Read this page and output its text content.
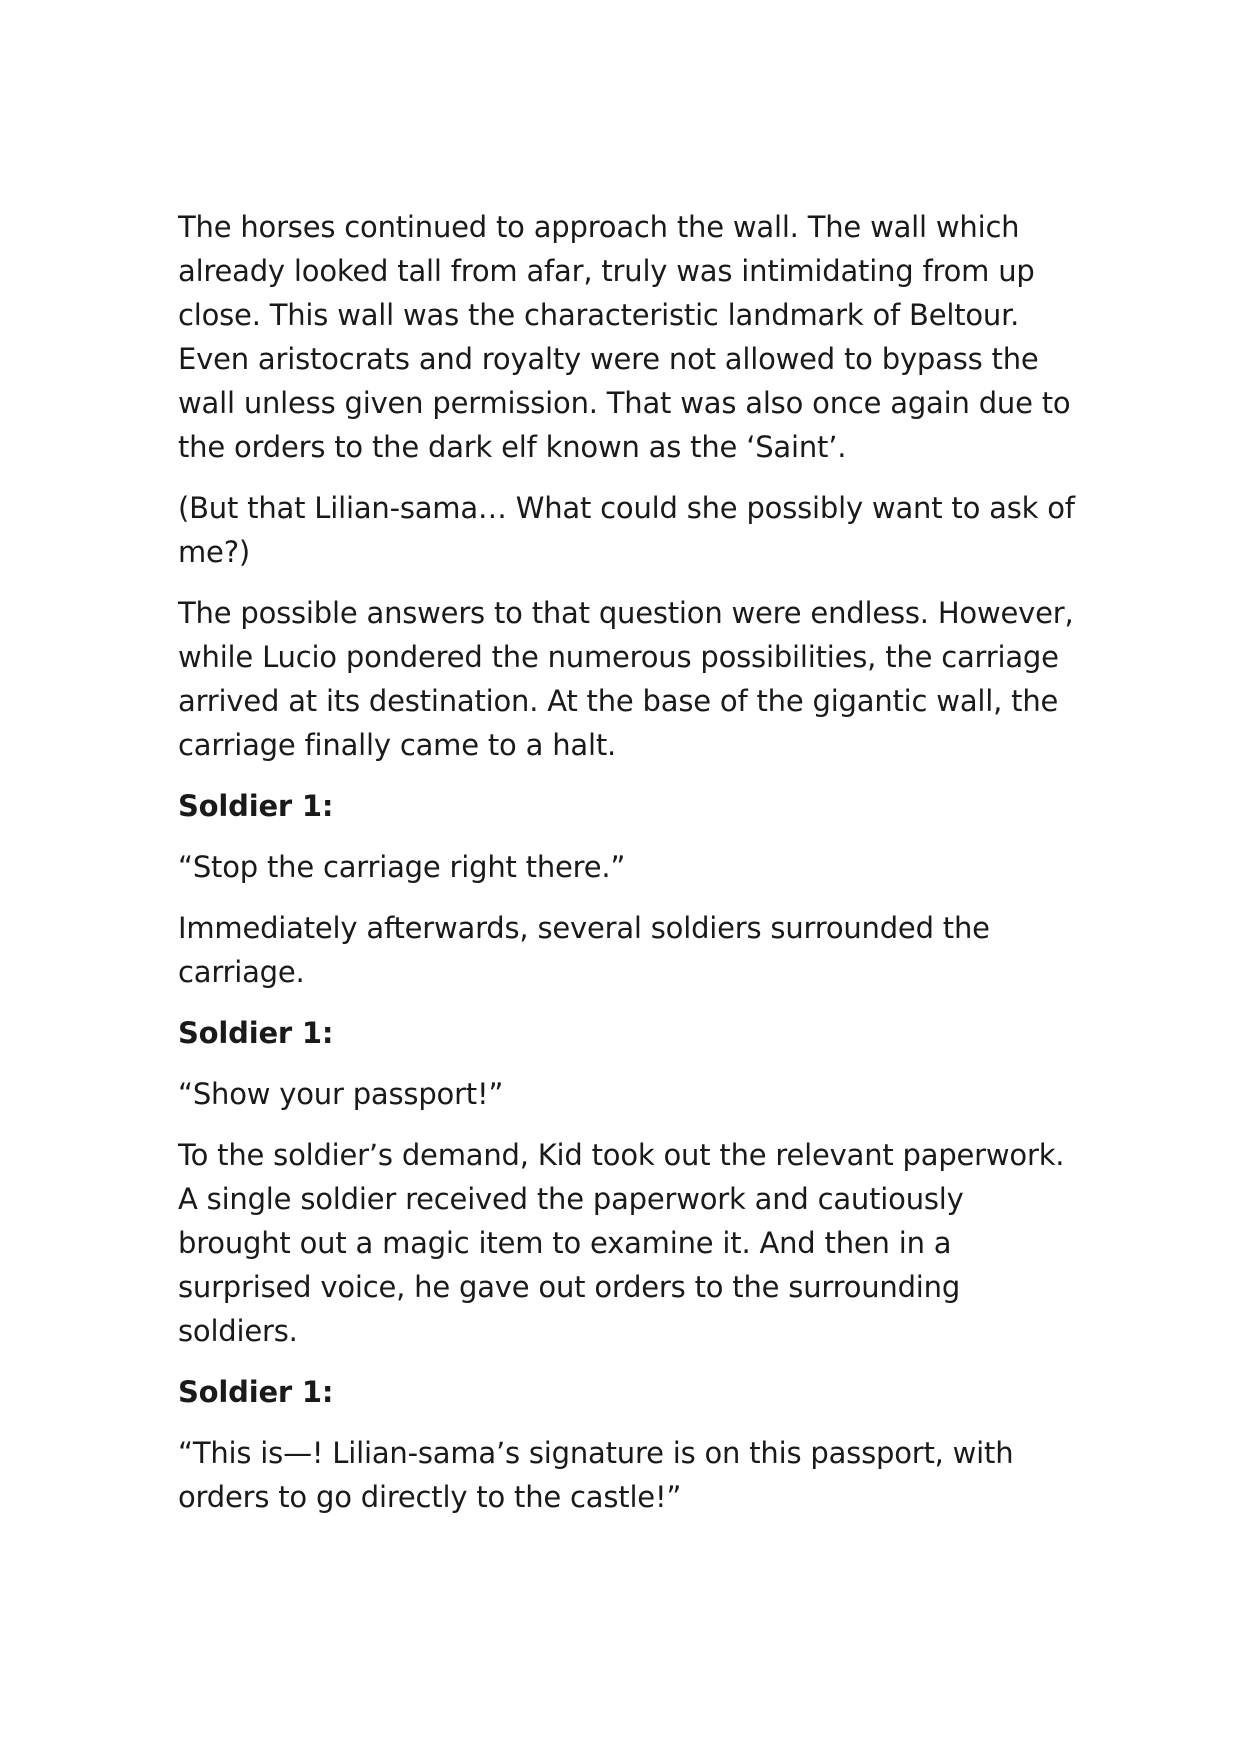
The horses continued to approach the wall. The wall which already looked tall from afar, truly was intimidating from up close. This wall was the characteristic landmark of Beltour. Even aristocrats and royalty were not allowed to bypass the wall unless given permission. That was also once again due to the orders to the dark elf known as the ‘Saint’.

(But that Lilian-sama… What could she possibly want to ask of me?)

The possible answers to that question were endless. However, while Lucio pondered the numerous possibilities, the carriage arrived at its destination. At the base of the gigantic wall, the carriage finally came to a halt.

Soldier 1:

“Stop the carriage right there.”

Immediately afterwards, several soldiers surrounded the carriage.

Soldier 1:

“Show your passport!”

To the soldier’s demand, Kid took out the relevant paperwork. A single soldier received the paperwork and cautiously brought out a magic item to examine it. And then in a surprised voice, he gave out orders to the surrounding soldiers.

Soldier 1:

“This is—! Lilian-sama’s signature is on this passport, with orders to go directly to the castle!”
